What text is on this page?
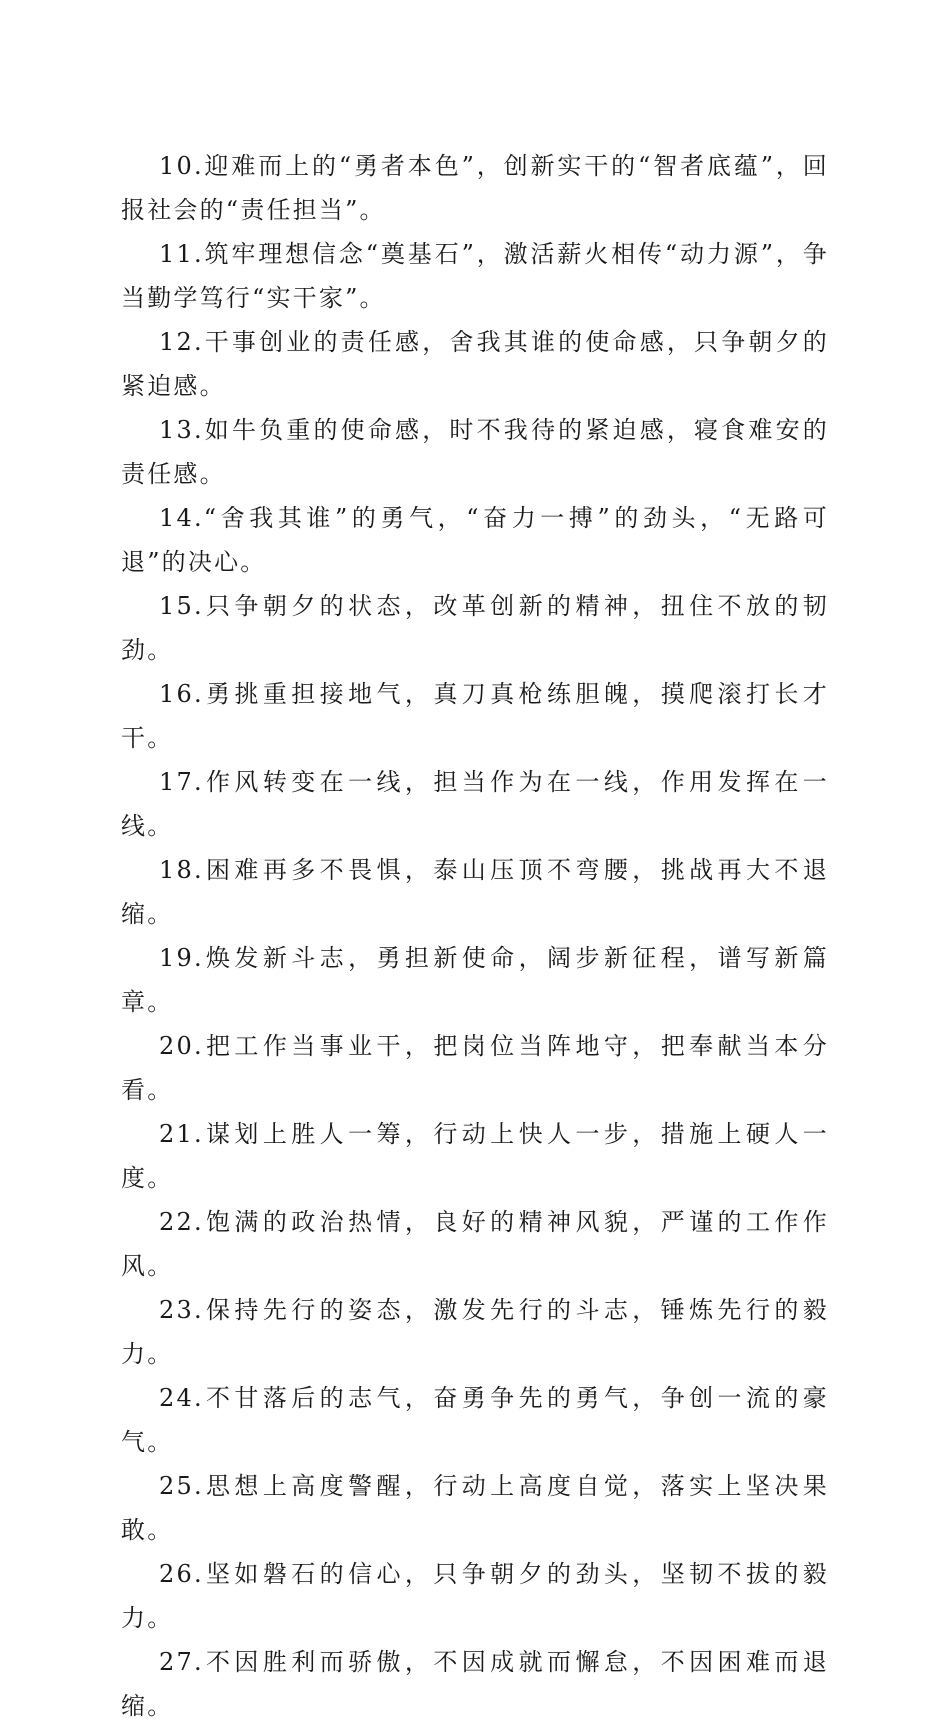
10.迎难而上的“勇者本色”，创新实干的“智者底蕴”，回报社会的“责任担当”。

11.筑牢理想信念“奠基石”，激活薪火相传“动力源”，争当勤学笃行“实干家”。

12.干事创业的责任感，舍我其谁的使命感，只争朝夕的紧迫感。

13.如牛负重的使命感，时不我待的紧迫感，寝食难安的责任感。

14.“舍我其谁”的勇气，“奋力一搏”的劲头，“无路可退”的决心。

15.只争朝夕的状态，改革创新的精神，扭住不放的韧劲。

16.勇挑重担接地气，真刀真枪练胆魄，摸爬滚打长才干。

17.作风转变在一线，担当作为在一线，作用发挥在一线。

18.困难再多不畏惧，泰山压顶不弯腰，挑战再大不退缩。

19.焕发新斗志，勇担新使命，阔步新征程，谱写新篇章。

20.把工作当事业干，把岗位当阵地守，把奉献当本分看。

21.谋划上胜人一筹，行动上快人一步，措施上硬人一度。

22.饱满的政治热情，良好的精神风貌，严谨的工作作风。

23.保持先行的姿态，激发先行的斗志，锤炼先行的毅力。

24.不甘落后的志气，奋勇争先的勇气，争创一流的豪气。

25.思想上高度警醒，行动上高度自觉，落实上坚决果敢。

26.坚如磐石的信心，只争朝夕的劲头，坚韧不拔的毅力。

27.不因胜利而骄傲，不因成就而懈怠，不因困难而退缩。
